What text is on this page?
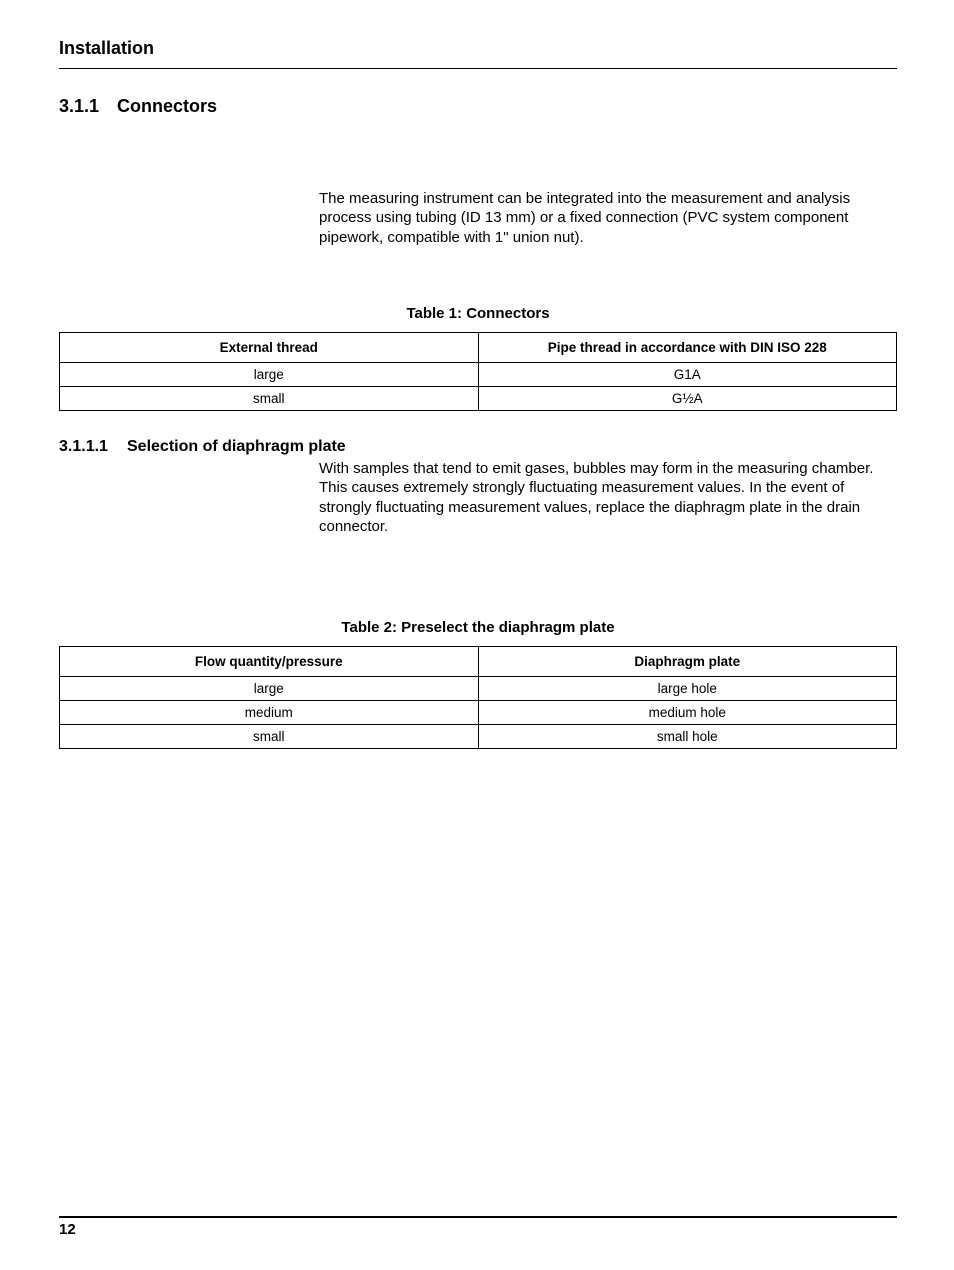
Installation
3.1.1 Connectors
The measuring instrument can be integrated into the measurement and analysis process using tubing (ID 13 mm) or a fixed connection (PVC system component pipework, compatible with 1" union nut).
Table 1: Connectors
External thread	Pipe thread in accordance with DIN ISO 228
large	G1A
small	G½A
3.1.1.1 Selection of diaphragm plate
With samples that tend to emit gases, bubbles may form in the measuring chamber. This causes extremely strongly fluctuating measurement values. In the event of strongly fluctuating measurement values, replace the diaphragm plate in the drain connector.
Table 2: Preselect the diaphragm plate
Flow quantity/pressure	Diaphragm plate
large	large hole
medium	medium hole
small	small hole
12
